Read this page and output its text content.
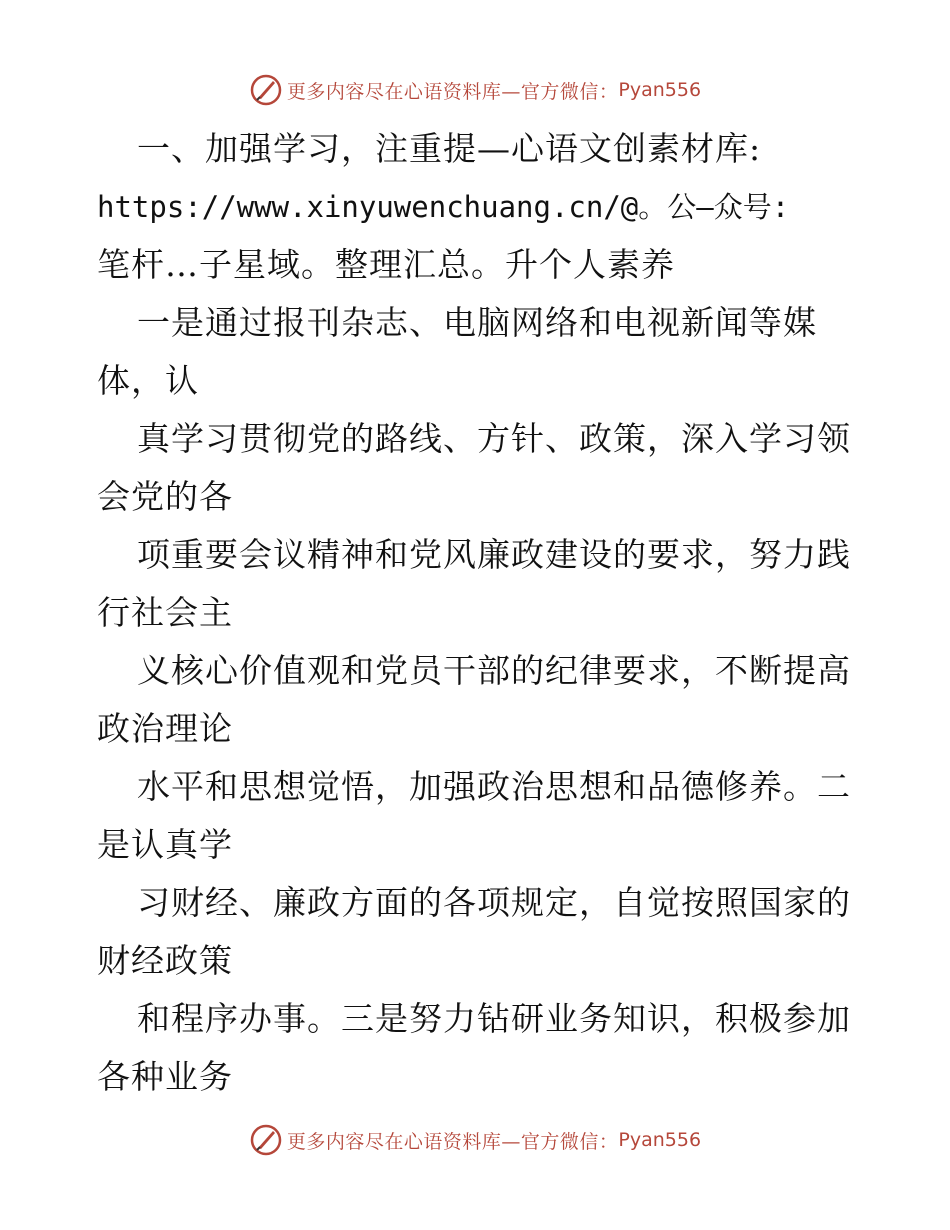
更多内容尽在心语资料库—官方微信： Pyan556
一、加强学习，注重提—心语文创素材库:
https://www.xinyuwenchuang.cn/@。公—众号:
笔杆…子星域。整理汇总。升个人素养
一是通过报刊杂志、电脑网络和电视新闻等媒
体，认
真学习贯彻党的路线、方针、政策，深入学习领
会党的各
项重要会议精神和党风廉政建设的要求，努力践
行社会主
义核心价值观和党员干部的纪律要求，不断提高
政治理论
水平和思想觉悟，加强政治思想和品德修养。二
是认真学
习财经、廉政方面的各项规定，自觉按照国家的
财经政策
和程序办事。三是努力钻研业务知识，积极参加
各种业务
更多内容尽在心语资料库—官方微信： Pyan556
